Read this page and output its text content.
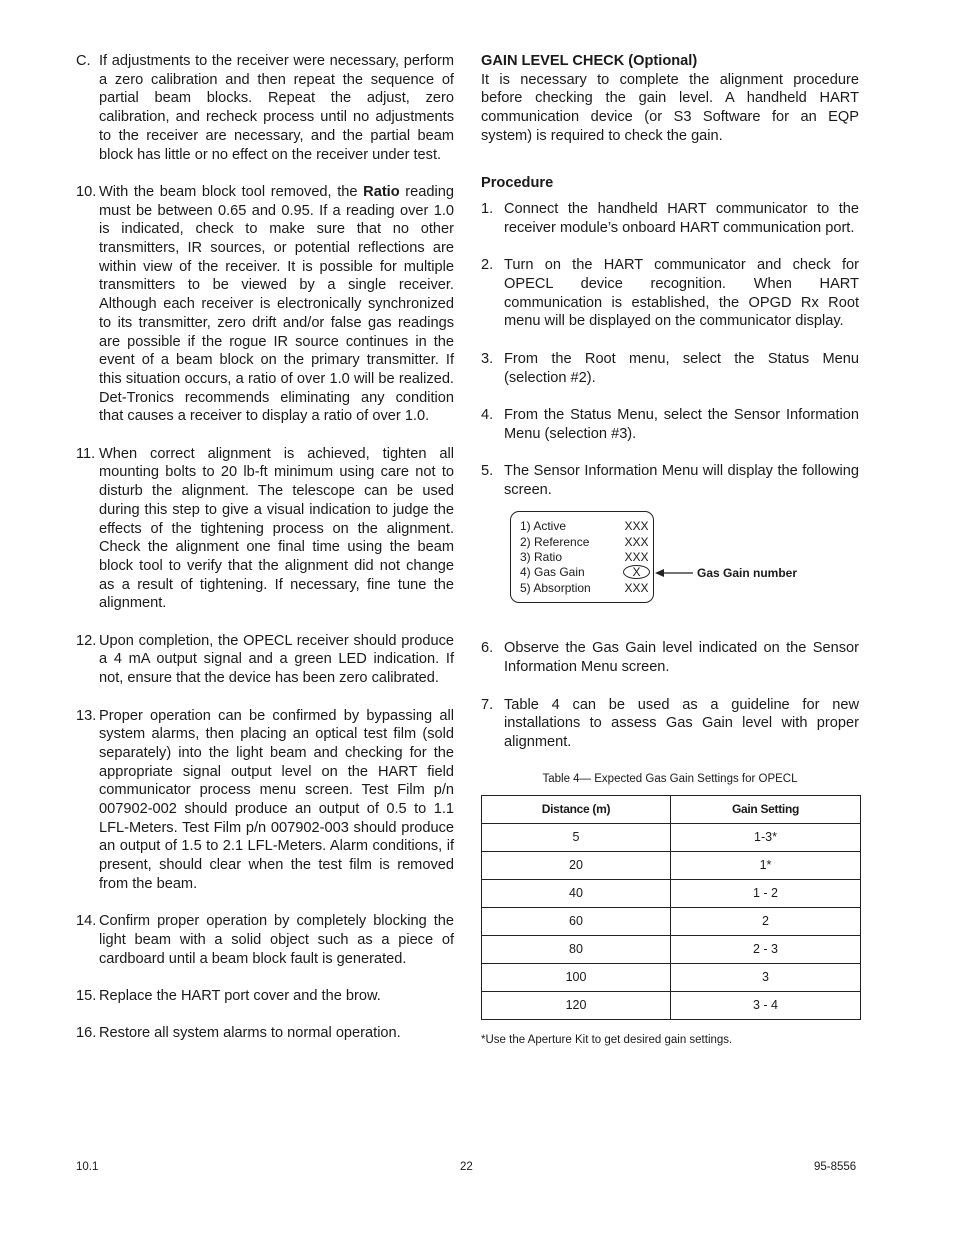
C. If adjustments to the receiver were necessary, perform a zero calibration and then repeat the sequence of partial beam blocks. Repeat the adjust, zero calibration, and recheck process until no adjustments to the receiver are necessary, and the partial beam block has little or no effect on the receiver under test.
10. With the beam block tool removed, the Ratio reading must be between 0.65 and 0.95. If a reading over 1.0 is indicated, check to make sure that no other transmitters, IR sources, or potential reflections are within view of the receiver. It is possible for multiple transmitters to be viewed by a single receiver. Although each receiver is electronically synchronized to its transmitter, zero drift and/or false gas readings are possible if the rogue IR source continues in the event of a beam block on the primary transmitter. If this situation occurs, a ratio of over 1.0 will be realized. Det-Tronics recommends eliminating any condition that causes a receiver to display a ratio of over 1.0.
11. When correct alignment is achieved, tighten all mounting bolts to 20 lb-ft minimum using care not to disturb the alignment. The telescope can be used during this step to give a visual indication to judge the effects of the tightening process on the alignment. Check the alignment one final time using the beam block tool to verify that the alignment did not change as a result of tightening. If necessary, fine tune the alignment.
12. Upon completion, the OPECL receiver should produce a 4 mA output signal and a green LED indication. If not, ensure that the device has been zero calibrated.
13. Proper operation can be confirmed by bypassing all system alarms, then placing an optical test film (sold separately) into the light beam and checking for the appropriate signal output level on the HART field communicator process menu screen. Test Film p/n 007902-002 should produce an output of 0.5 to 1.1 LFL-Meters. Test Film p/n 007902-003 should produce an output of 1.5 to 2.1 LFL-Meters. Alarm conditions, if present, should clear when the test film is removed from the beam.
14. Confirm proper operation by completely blocking the light beam with a solid object such as a piece of cardboard until a beam block fault is generated.
15. Replace the HART port cover and the brow.
16. Restore all system alarms to normal operation.
GAIN LEVEL CHECK (Optional)

It is necessary to complete the alignment procedure before checking the gain level. A handheld HART communication device (or S3 Software for an EQP system) is required to check the gain.

Procedure
1. Connect the handheld HART communicator to the receiver module’s onboard HART communication port.
2. Turn on the HART communicator and check for OPECL device recognition. When HART communication is established, the OPGD Rx Root menu will be displayed on the communicator display.
3. From the Root menu, select the Status Menu (selection #2).
4. From the Status Menu, select the Sensor Information Menu (selection #3).
5. The Sensor Information Menu will display the following screen.
1) Active	XXX
2) Reference	XXX
3) Ratio	XXX
4) Gas Gain	X
5) Absorption	XXX
Gas Gain number
6. Observe the Gas Gain level indicated on the Sensor Information Menu screen.
7. Table 4 can be used as a guideline for new installations to assess Gas Gain level with proper alignment.
Table 4— Expected Gas Gain Settings for OPECL
Distance (m)	Gain Setting
5	1-3*
20	1*
40	1 - 2
60	2
80	2 - 3
100	3
120	3 - 4
*Use the Aperture Kit to get desired gain settings.
10.1	22	95-8556
